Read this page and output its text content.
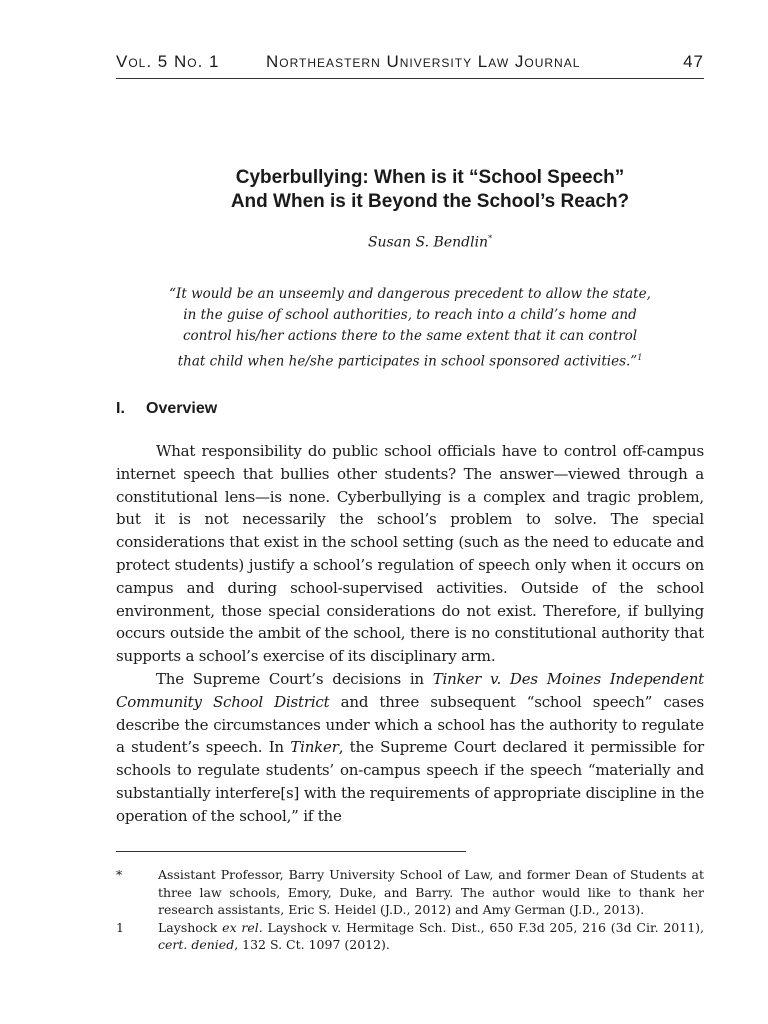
Vol. 5 No. 1	Northeastern University Law Journal	47
Cyberbullying: When is it “School Speech”
And When is it Beyond the School’s Reach?
Susan S. Bendlin*
“It would be an unseemly and dangerous precedent to allow the state,
in the guise of school authorities, to reach into a child’s home and
control his/her actions there to the same extent that it can control
that child when he/she participates in school sponsored activities.”$^1$
I. Overview

What responsibility do public school officials have to control off-campus internet speech that bullies other students? The answer—viewed through a constitutional lens—is none. Cyberbullying is a complex and tragic problem, but it is not necessarily the school’s problem to solve. The special considerations that exist in the school setting (such as the need to educate and protect students) justify a school’s regulation of speech only when it occurs on campus and during school-supervised activities. Outside of the school environment, those special considerations do not exist. Therefore, if bullying occurs outside the ambit of the school, there is no constitutional authority that supports a school’s exercise of its disciplinary arm.

The Supreme Court’s decisions in Tinker v. Des Moines Independent Community School District and three subsequent “school speech” cases describe the circumstances under which a school has the authority to regulate a student’s speech. In Tinker, the Supreme Court declared it permissible for schools to regulate students’ on-campus speech if the speech “materially and substantially interfere[s] with the requirements of appropriate discipline in the operation of the school,” if the

*	Assistant Professor, Barry University School of Law, and former Dean of Students at three law schools, Emory, Duke, and Barry. The author would like to thank her research assistants, Eric S. Heidel (J.D., 2012) and Amy German (J.D., 2013).
1	Layshock ex rel. Layshock v. Hermitage Sch. Dist., 650 F.3d 205, 216 (3d Cir. 2011), cert. denied, 132 S. Ct. 1097 (2012).
